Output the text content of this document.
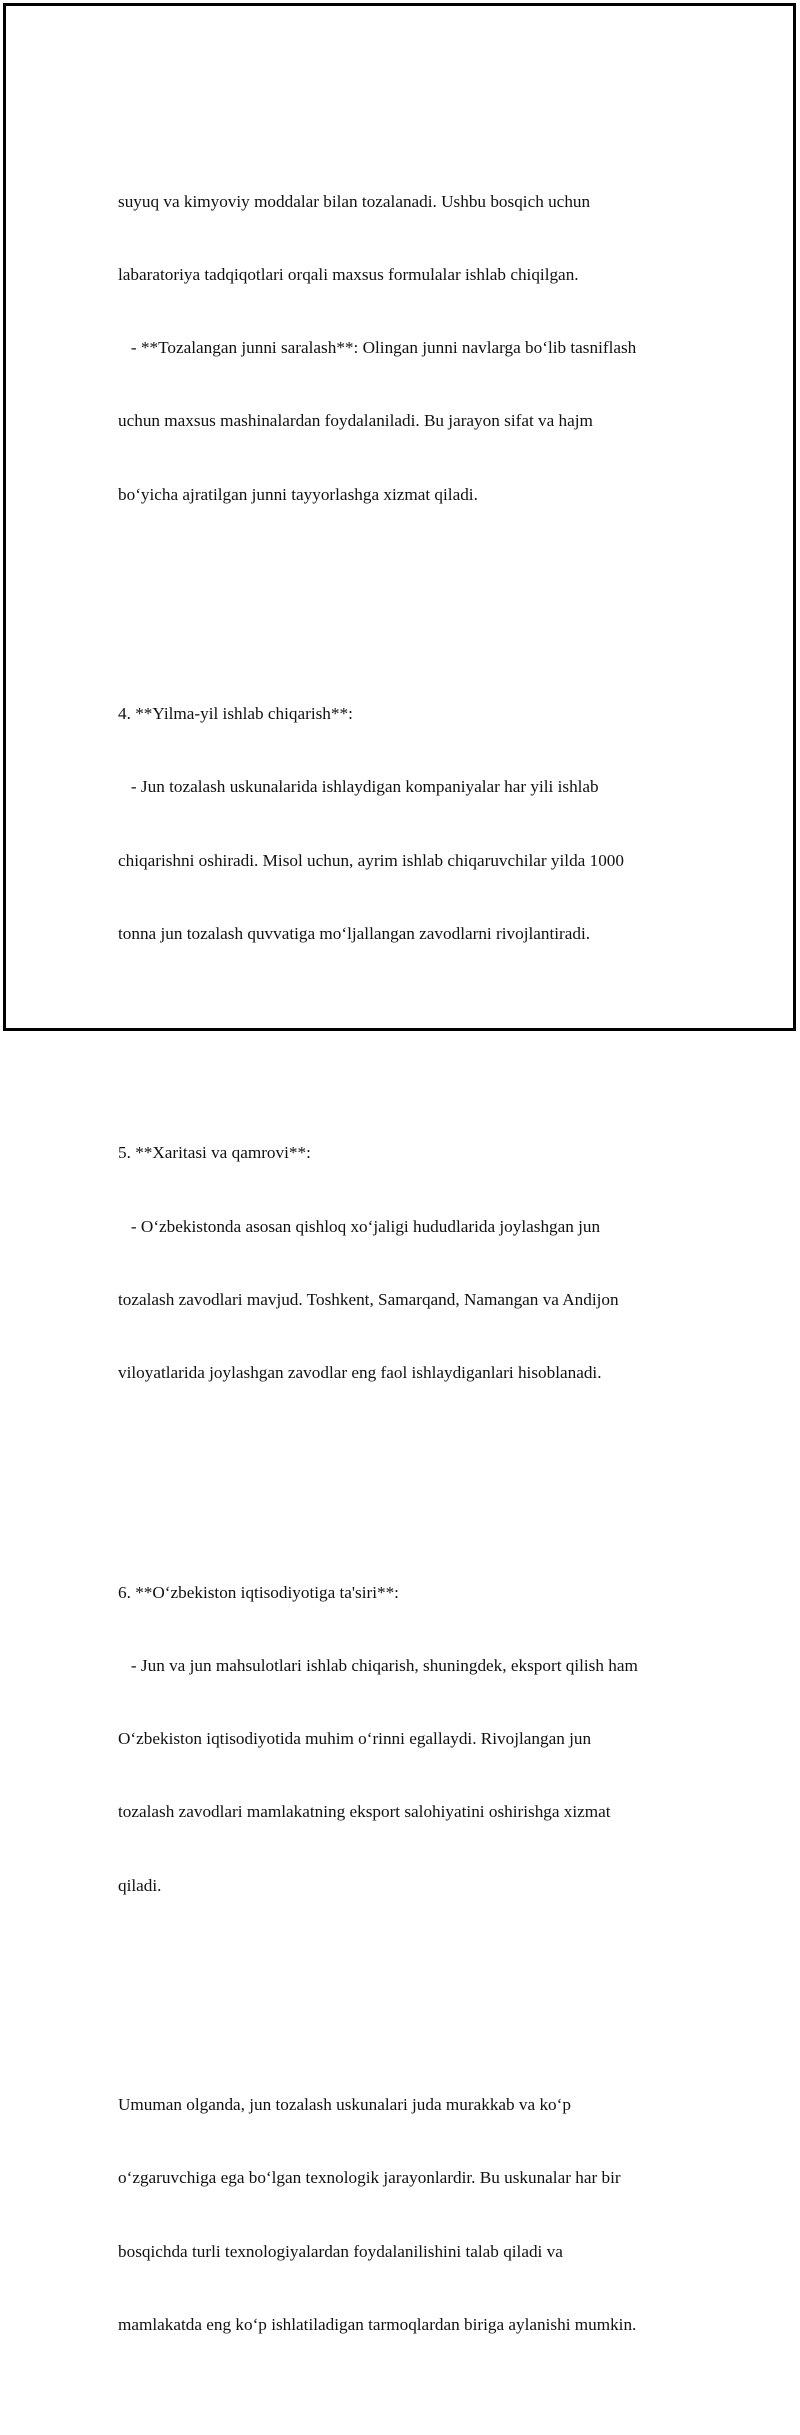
suyuq va kimyoviy moddalar bilan tozalanadi. Ushbu bosqich uchun

labaratoriya tadqiqotlari orqali maxsus formulalar ishlab chiqilgan.

- **Tozalangan junni saralash**: Olingan junni navlarga bo‘lib tasniflash

uchun maxsus mashinalardan foydalaniladi. Bu jarayon sifat va hajm

bo‘yicha ajratilgan junni tayyorlashga xizmat qiladi.

4. **Yilma-yil ishlab chiqarish**:

- Jun tozalash uskunalarida ishlaydigan kompaniyalar har yili ishlab

chiqarishni oshiradi. Misol uchun, ayrim ishlab chiqaruvchilar yilda 1000

tonna jun tozalash quvvatiga mo‘ljallangan zavodlarni rivojlantiradi.

5. **Xaritasi va qamrovi**:

- O‘zbekistonda asosan qishloq xo‘jaligi hududlarida joylashgan jun

tozalash zavodlari mavjud. Toshkent, Samarqand, Namangan va Andijon

viloyatlarida joylashgan zavodlar eng faol ishlaydiganlari hisoblanadi.

6. **O‘zbekiston iqtisodiyotiga ta'siri**:

- Jun va jun mahsulotlari ishlab chiqarish, shuningdek, eksport qilish ham

O‘zbekiston iqtisodiyotida muhim o‘rinni egallaydi. Rivojlangan jun

tozalash zavodlari mamlakatning eksport salohiyatini oshirishga xizmat

qiladi.

Umuman olganda, jun tozalash uskunalari juda murakkab va ko‘p

o‘zgaruvchiga ega bo‘lgan texnologik jarayonlardir. Bu uskunalar har bir

bosqichda turli texnologiyalardan foydalanilishini talab qiladi va

mamlakatda eng ko‘p ishlatiladigan tarmoqlardan biriga aylanishi mumkin.
